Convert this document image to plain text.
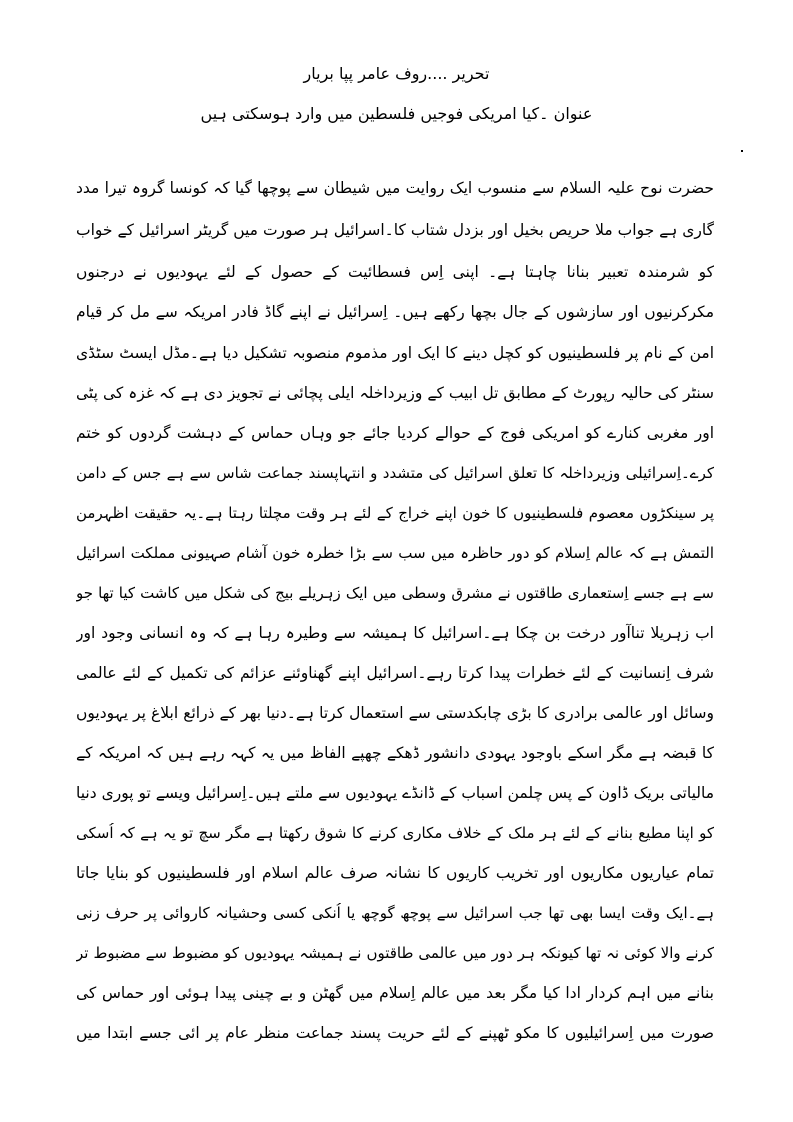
تحریر ....روف عامر پپا بریار
عنوان ۔کیا امریکی فوجیں فلسطین میں وارد ہوسکتی ہیں
حضرت نوح علیہ السلام سے منسوب ایک روایت میں شیطان سے پوچھا گیا کہ کونسا گروہ تیرا مدد
گاری ہے جواب ملا حریص بخیل اور بزدل شتاب کا۔اسرائیل ہر صورت میں گریٹر اسرائیل کے خواب
کو شرمندہ تعبیر بنانا چاہتا ہے۔ اپنی اِس فسطائیت کے حصول کے لئے یہودیوں نے درجنوں
مکرکرنیوں اور سازشوں کے جال بچھا رکھے ہیں۔ اِسرائیل نے اپنے گاڈ فادر امریکہ سے مل کر قیام
امن کے نام پر فلسطینیوں کو کچل دینے کا ایک اور مذموم منصوبہ تشکیل دیا ہے۔مڈل ایسٹ سٹڈی
سنٹر کی حالیہ رپورٹ کے مطابق تل ابیب کے وزیرداخلہ ایلی پچائی نے تجویز دی ہے کہ غزہ کی پٹی
اور مغربی کنارے کو امریکی فوج کے حوالے کردیا جائے جو وہاں حماس کے دہشت گردوں کو ختم
کرے۔اِسرائیلی وزیرداخلہ کا تعلق اسرائیل کی متشدد و انتہاپسند جماعت شاس سے ہے جس کے دامن
پر سینکڑوں معصوم فلسطینیوں کا خون اپنے خراج کے لئے ہر وقت مچلتا رہتا ہے۔یہ حقیقت اظہرمن
التمش ہے کہ عالم اِسلام کو دور حاظرہ میں سب سے بڑا خطرہ خون آشام صہیونی مملکت اسرائیل
سے ہے جسے اِستعماری طاقتوں نے مشرق وسطی میں ایک زہریلے بیج کی شکل میں کاشت کیا تھا جو
اب زہریلا تناآور درخت بن چکا ہے۔اسرائیل کا ہمیشہ سے وطیرہ رہا ہے کہ وہ انسانی وجود اور
شرف اِنسانیت کے لئے خطرات پیدا کرتا رہے۔اسرائیل اپنے گھناوئنے عزائم کی تکمیل کے لئے عالمی
وسائل اور عالمی برادری کا بڑی چابکدستی سے استعمال کرتا ہے۔دنیا بھر کے ذرائع ابلاغ پر یہودیوں
کا قبضہ ہے مگر اسکے باوجود یہودی دانشور ڈھکے چھپے الفاظ میں یہ کہہ رہے ہیں کہ امریکہ کے
مالیاتی بریک ڈاون کے پس چلمن اسباب کے ڈانڈے یہودیوں سے ملتے ہیں۔اِسرائیل ویسے تو پوری دنیا
کو اپنا مطیع بنانے کے لئے ہر ملک کے خلاف مکاری کرنے کا شوق رکھتا ہے مگر سچ تو یہ ہے کہ اُسکی
تمام عیاریوں مکاریوں اور تخریب کاریوں کا نشانہ صرف عالم اسلام اور فلسطینیوں کو بنایا جاتا
ہے۔ایک وقت ایسا بھی تھا جب اسرائیل سے پوچھ گوچھ یا اُنکی کسی وحشیانہ کاروائی پر حرف زنی
کرنے والا کوئی نہ تھا کیونکہ ہر دور میں عالمی طاقتوں نے ہمیشہ یہودیوں کو مضبوط سے مضبوط تر
بنانے میں اہم کردار ادا کیا مگر بعد میں عالم اِسلام میں گھٹن و بے چینی پیدا ہوئی اور حماس کی
صورت میں اِسرائیلیوں کا مکو ٹھپنے کے لئے حریت پسند جماعت منظر عام پر ائی جسے ابتدا میں
